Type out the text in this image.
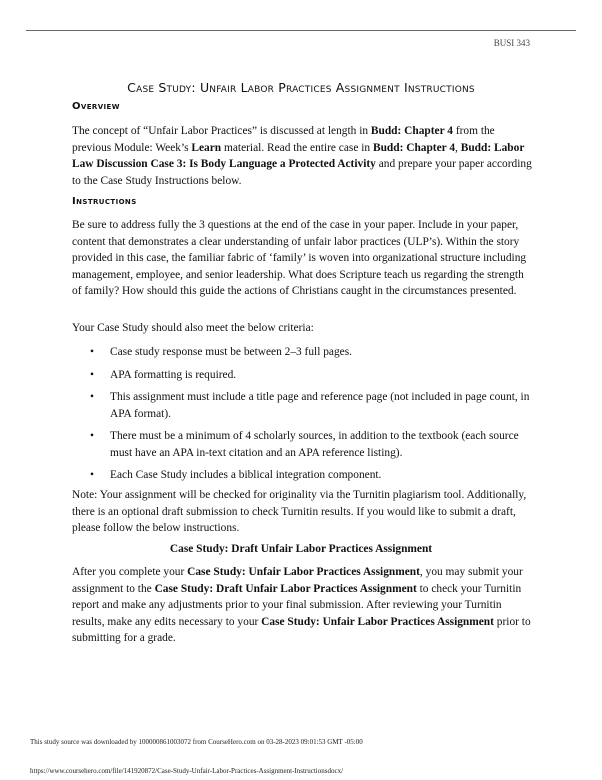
BUSI 343
Case Study: Unfair Labor Practices Assignment Instructions
Overview
The concept of “Unfair Labor Practices” is discussed at length in Budd: Chapter 4 from the previous Module: Week’s Learn material. Read the entire case in Budd: Chapter 4, Budd: Labor Law Discussion Case 3: Is Body Language a Protected Activity and prepare your paper according to the Case Study Instructions below.
Instructions
Be sure to address fully the 3 questions at the end of the case in your paper. Include in your paper, content that demonstrates a clear understanding of unfair labor practices (ULP’s). Within the story provided in this case, the familiar fabric of ‘family’ is woven into organizational structure including management, employee, and senior leadership. What does Scripture teach us regarding the strength of family? How should this guide the actions of Christians caught in the circumstances presented.
Your Case Study should also meet the below criteria:
• Case study response must be between 2–3 full pages.
• APA formatting is required.
• This assignment must include a title page and reference page (not included in page count, in APA format).
• There must be a minimum of 4 scholarly sources, in addition to the textbook (each source must have an APA in-text citation and an APA reference listing).
• Each Case Study includes a biblical integration component.
Note: Your assignment will be checked for originality via the Turnitin plagiarism tool. Additionally, there is an optional draft submission to check Turnitin results. If you would like to submit a draft, please follow the below instructions.
Case Study: Draft Unfair Labor Practices Assignment
After you complete your Case Study: Unfair Labor Practices Assignment, you may submit your assignment to the Case Study: Draft Unfair Labor Practices Assignment to check your Turnitin report and make any adjustments prior to your final submission. After reviewing your Turnitin results, make any edits necessary to your Case Study: Unfair Labor Practices Assignment prior to submitting for a grade.
This study source was downloaded by 100000861003072 from CourseHero.com on 03-28-2023 09:01:53 GMT -05:00
https://www.coursehero.com/file/141920872/Case-Study-Unfair-Labor-Practices-Assignment-Instructionsdocx/
